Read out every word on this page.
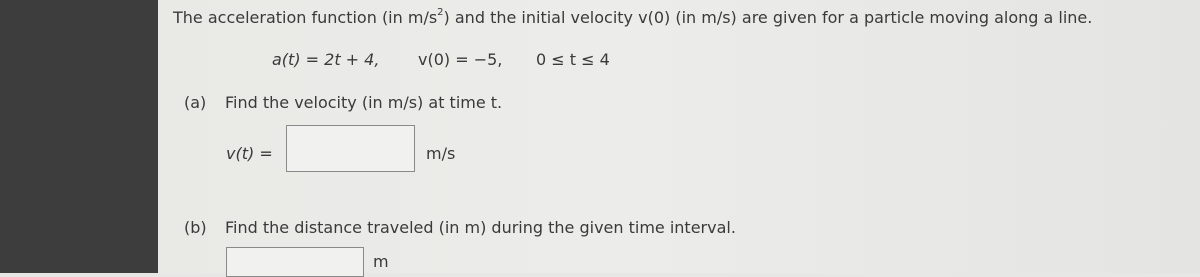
The acceleration function (in $m/s^2$) and the initial velocity v(0) (in m/s) are given for a particle moving along a line.
a(t) = 2t + 4, v(0) = −5, 0 ≤ t ≤ 4
(a) Find the velocity (in m/s) at time t.
v(t) =	m/s
(b) Find the distance traveled (in m) during the given time interval.
m
